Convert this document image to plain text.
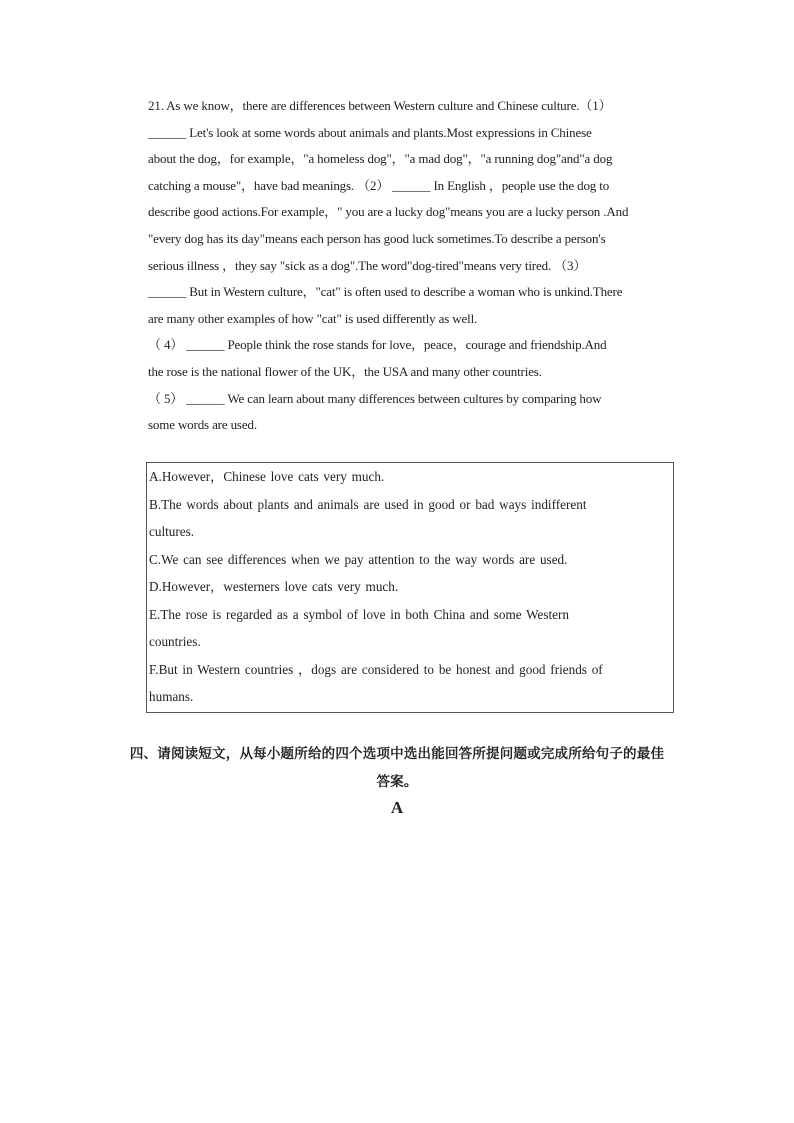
21. As we know，there are differences between Western culture and Chinese culture.（1）
______ Let's look at some words about animals and plants.Most expressions in Chinese
about the dog，for example，"a homeless dog"，"a mad dog"，"a running dog"and"a dog
catching a mouse"，have bad meanings. （2） ______ In English ，people use the dog to
describe good actions.For example，" you are a lucky dog"means you are a lucky person .And
"every dog has its day"means each person has good luck sometimes.To describe a person's
serious illness ，they say "sick as a dog".The word"dog-tired"means very tired. （3）
______ But in Western culture，"cat" is often used to describe a woman who is unkind.There
are many other examples of how "cat" is used differently as well.
（ 4） ______ People think the rose stands for love，peace，courage and friendship.And
the rose is the national flower of the UK，the USA and many other countries.
（ 5） ______ We can learn about many differences between cultures by comparing how
some words are used.
A.However，Chinese love cats very much.
B.The words about plants and animals are used in good or bad ways indifferent
cultures.
C.We can see differences when we pay attention to the way words are used.
D.However，westerners love cats very much.
E.The rose is regarded as a symbol of love in both China and some Western
countries.
F.But in Western countries ，dogs are considered to be honest and good friends of
humans.
四、请阅读短文，从每小题所给的四个选项中选出能回答所提问题或完成所给句子的最佳
答案。
A
